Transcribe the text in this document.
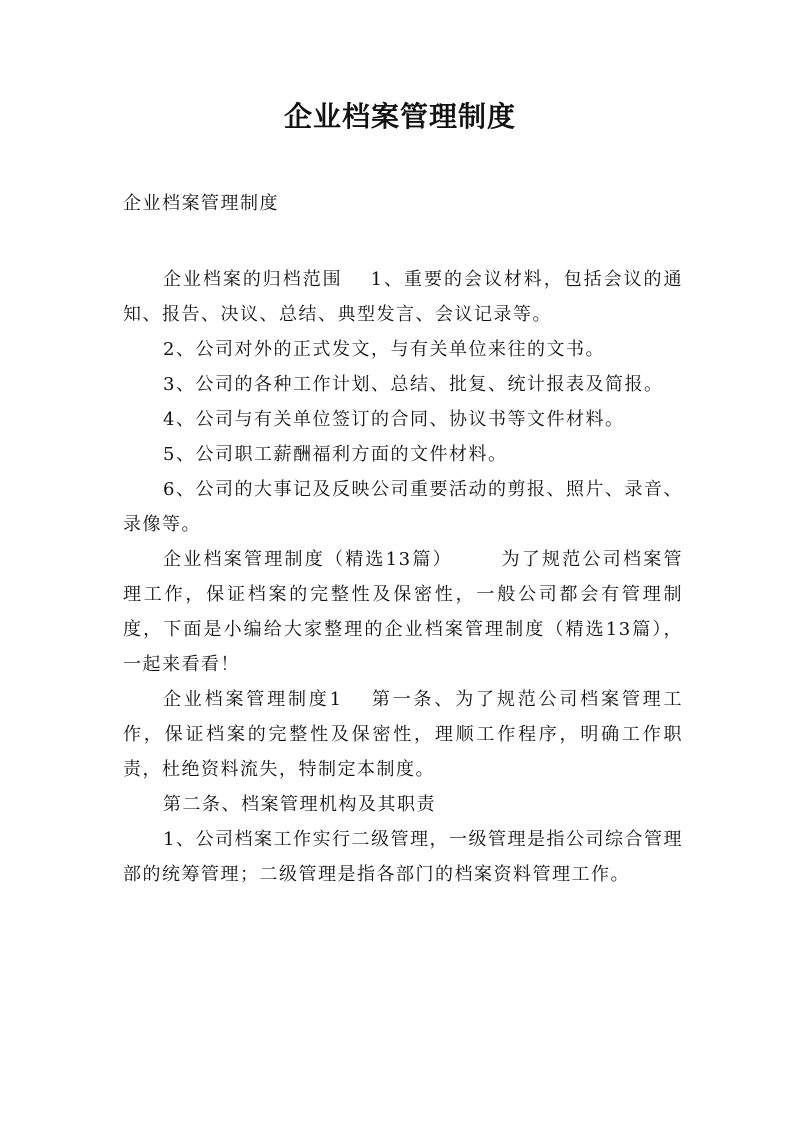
企业档案管理制度
企业档案管理制度

企业档案的归档范围 1、重要的会议材料，包括会议的通知、报告、决议、总结、典型发言、会议记录等。

2、公司对外的正式发文，与有关单位来往的文书。

3、公司的各种工作计划、总结、批复、统计报表及简报。

4、公司与有关单位签订的合同、协议书等文件材料。

5、公司职工薪酬福利方面的文件材料。

6、公司的大事记及反映公司重要活动的剪报、照片、录音、录像等。

企业档案管理制度（精选13篇）	为了规范公司档案管理工作，保证档案的完整性及保密性，一般公司都会有管理制度，下面是小编给大家整理的企业档案管理制度（精选13篇），一起来看看！

企业档案管理制度1 第一条、为了规范公司档案管理工作，保证档案的完整性及保密性，理顺工作程序，明确工作职责，杜绝资料流失，特制定本制度。

第二条、档案管理机构及其职责

1、公司档案工作实行二级管理，一级管理是指公司综合管理部的统筹管理；二级管理是指各部门的档案资料管理工作。
